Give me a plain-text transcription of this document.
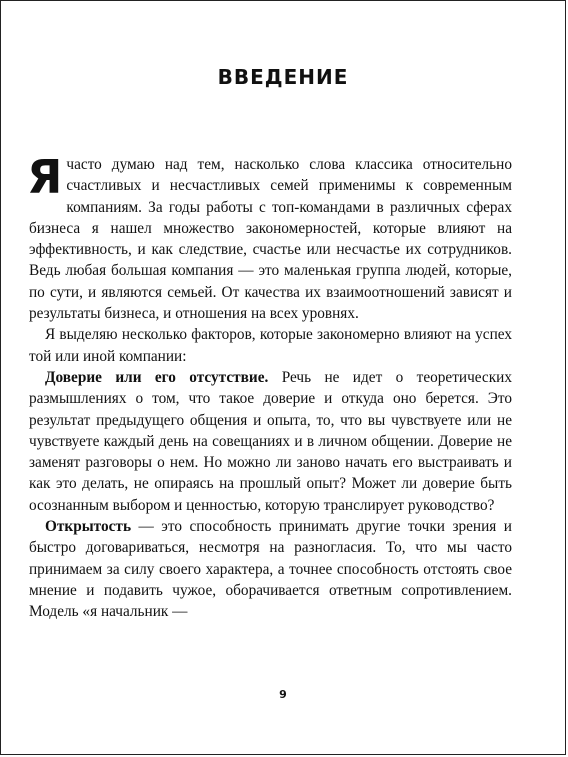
ВВЕДЕНИЕ

Я часто думаю над тем, насколько слова классика относительно счастливых и несчастливых семей применимы к современным компаниям. За годы работы с топ-командами в различных сферах бизнеса я нашел множество закономерностей, которые влияют на эффективность, и как следствие, счастье или несчастье их сотрудников. Ведь любая большая компания — это маленькая группа людей, которые, по сути, и являются семьей. От качества их взаимоотношений зависят и результаты бизнеса, и отношения на всех уровнях.

Я выделяю несколько факторов, которые закономерно влияют на успех той или иной компании:

Доверие или его отсутствие. Речь не идет о теоретических размышлениях о том, что такое доверие и откуда оно берется. Это результат предыдущего общения и опыта, то, что вы чувствуете или не чувствуете каждый день на совещаниях и в личном общении. Доверие не заменят разговоры о нем. Но можно ли заново начать его выстраивать и как это делать, не опираясь на прошлый опыт? Может ли доверие быть осознанным выбором и ценностью, которую транслирует руководство?

Открытость — это способность принимать другие точки зрения и быстро договариваться, несмотря на разногласия. То, что мы часто принимаем за силу своего характера, а точнее способность отстоять свое мнение и подавить чужое, оборачивается ответным сопротивлением. Модель «я начальник —

9
